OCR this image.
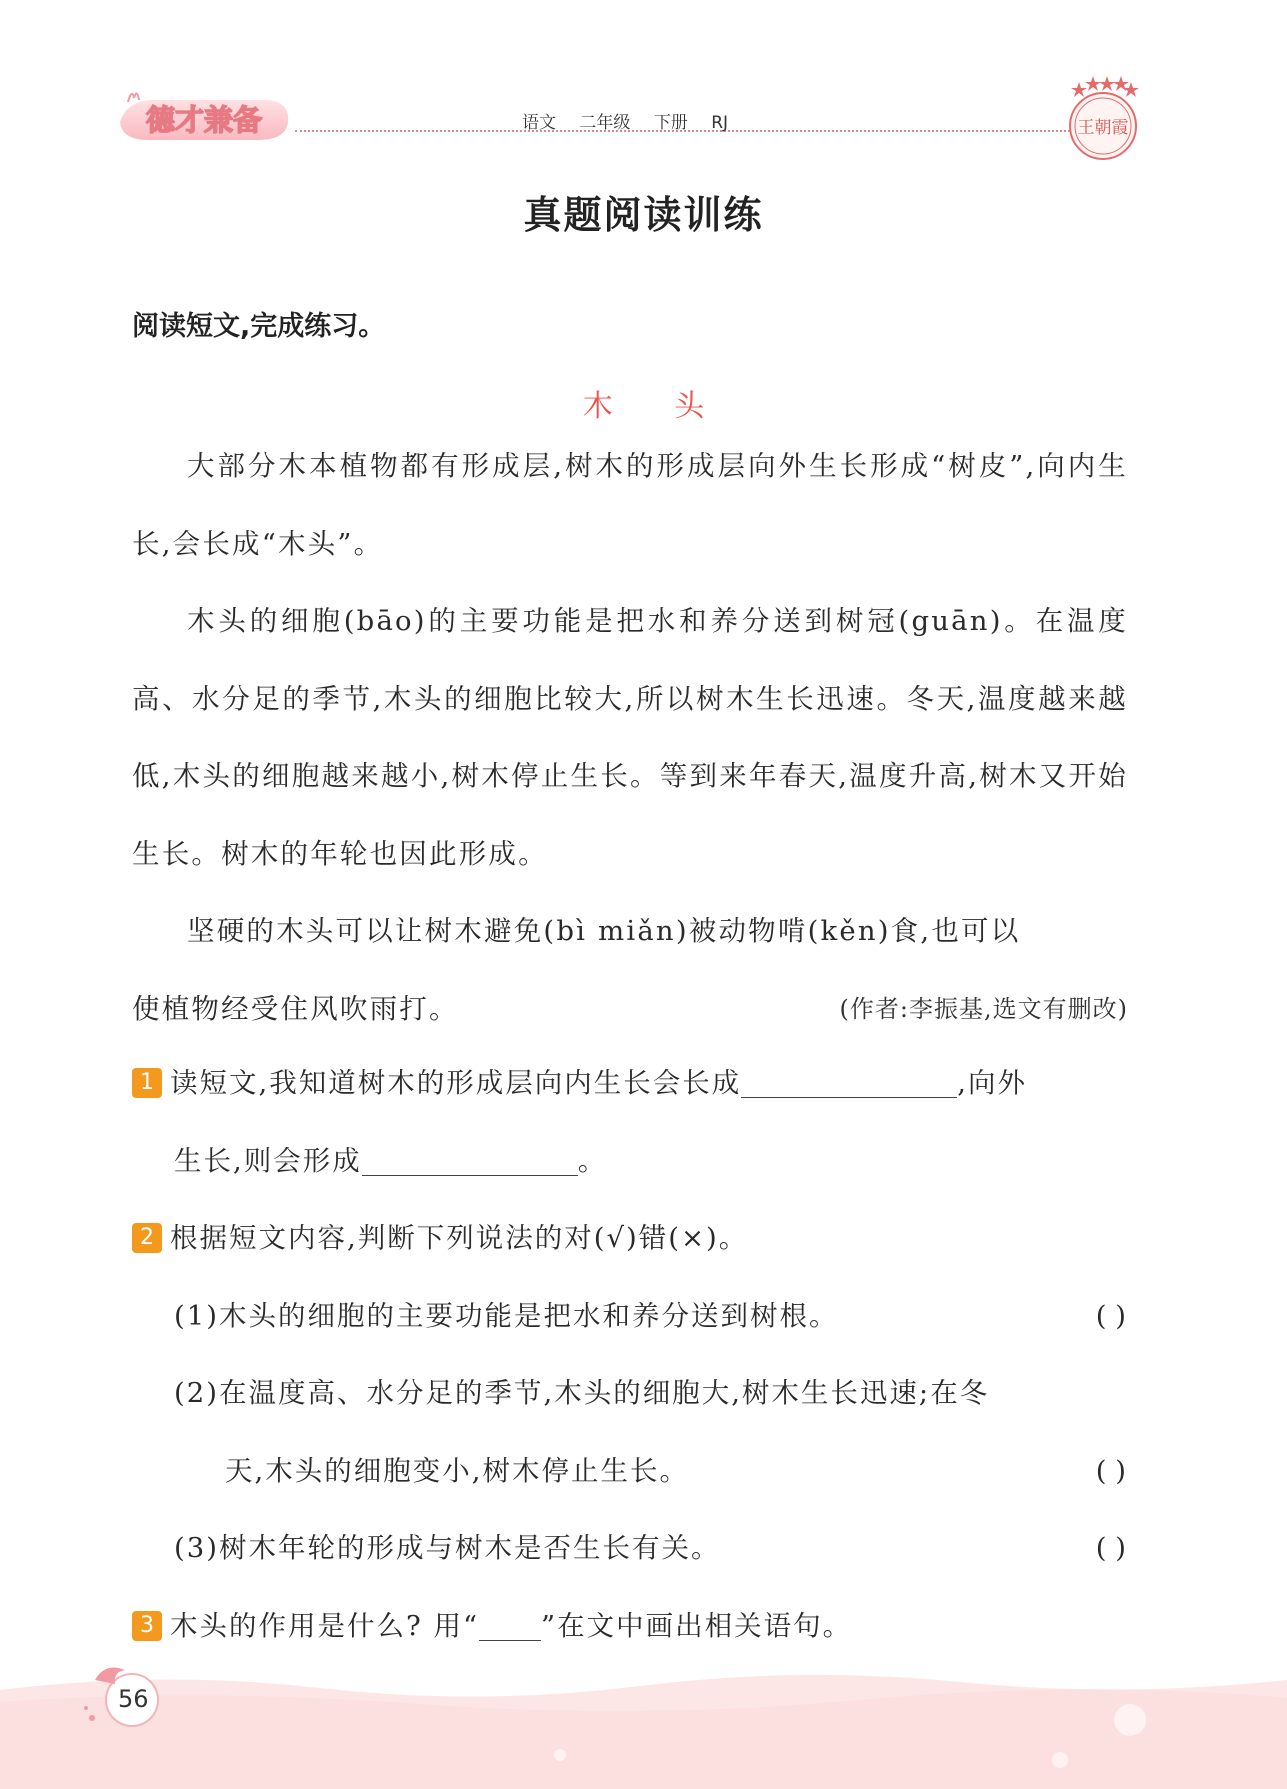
德才兼备	语文 二年级 下册 RJ	王朝霞
真题阅读训练
阅读短文,完成练习。
木 头

大部分木本植物都有形成层,树木的形成层向外生长形成“树皮”,向内生长,会长成“木头”。

木头的细胞(bāo)的主要功能是把水和养分送到树冠(guān)。在温度高、水分足的季节,木头的细胞比较大,所以树木生长迅速。冬天,温度越来越低,木头的细胞越来越小,树木停止生长。等到来年春天,温度升高,树木又开始生长。树木的年轮也因此形成。

坚硬的木头可以让树木避免(bì miǎn)被动物啃(kěn)食,也可以

使植物经受住风吹雨打。	(作者:李振基,选文有删改)

1 读短文,我知道树木的形成层向内生长会长成	,向外
生长,则会形成	。
2 根据短文内容,判断下列说法的对(√)错(×)。
(1)木头的细胞的主要功能是把水和养分送到树根。	( )
(2)在温度高、水分足的季节,木头的细胞大,树木生长迅速;在冬
天,木头的细胞变小,树木停止生长。	( )
(3)树木年轮的形成与树木是否生长有关。	( )
3 木头的作用是什么? 用“ ”在文中画出相关语句。
56
